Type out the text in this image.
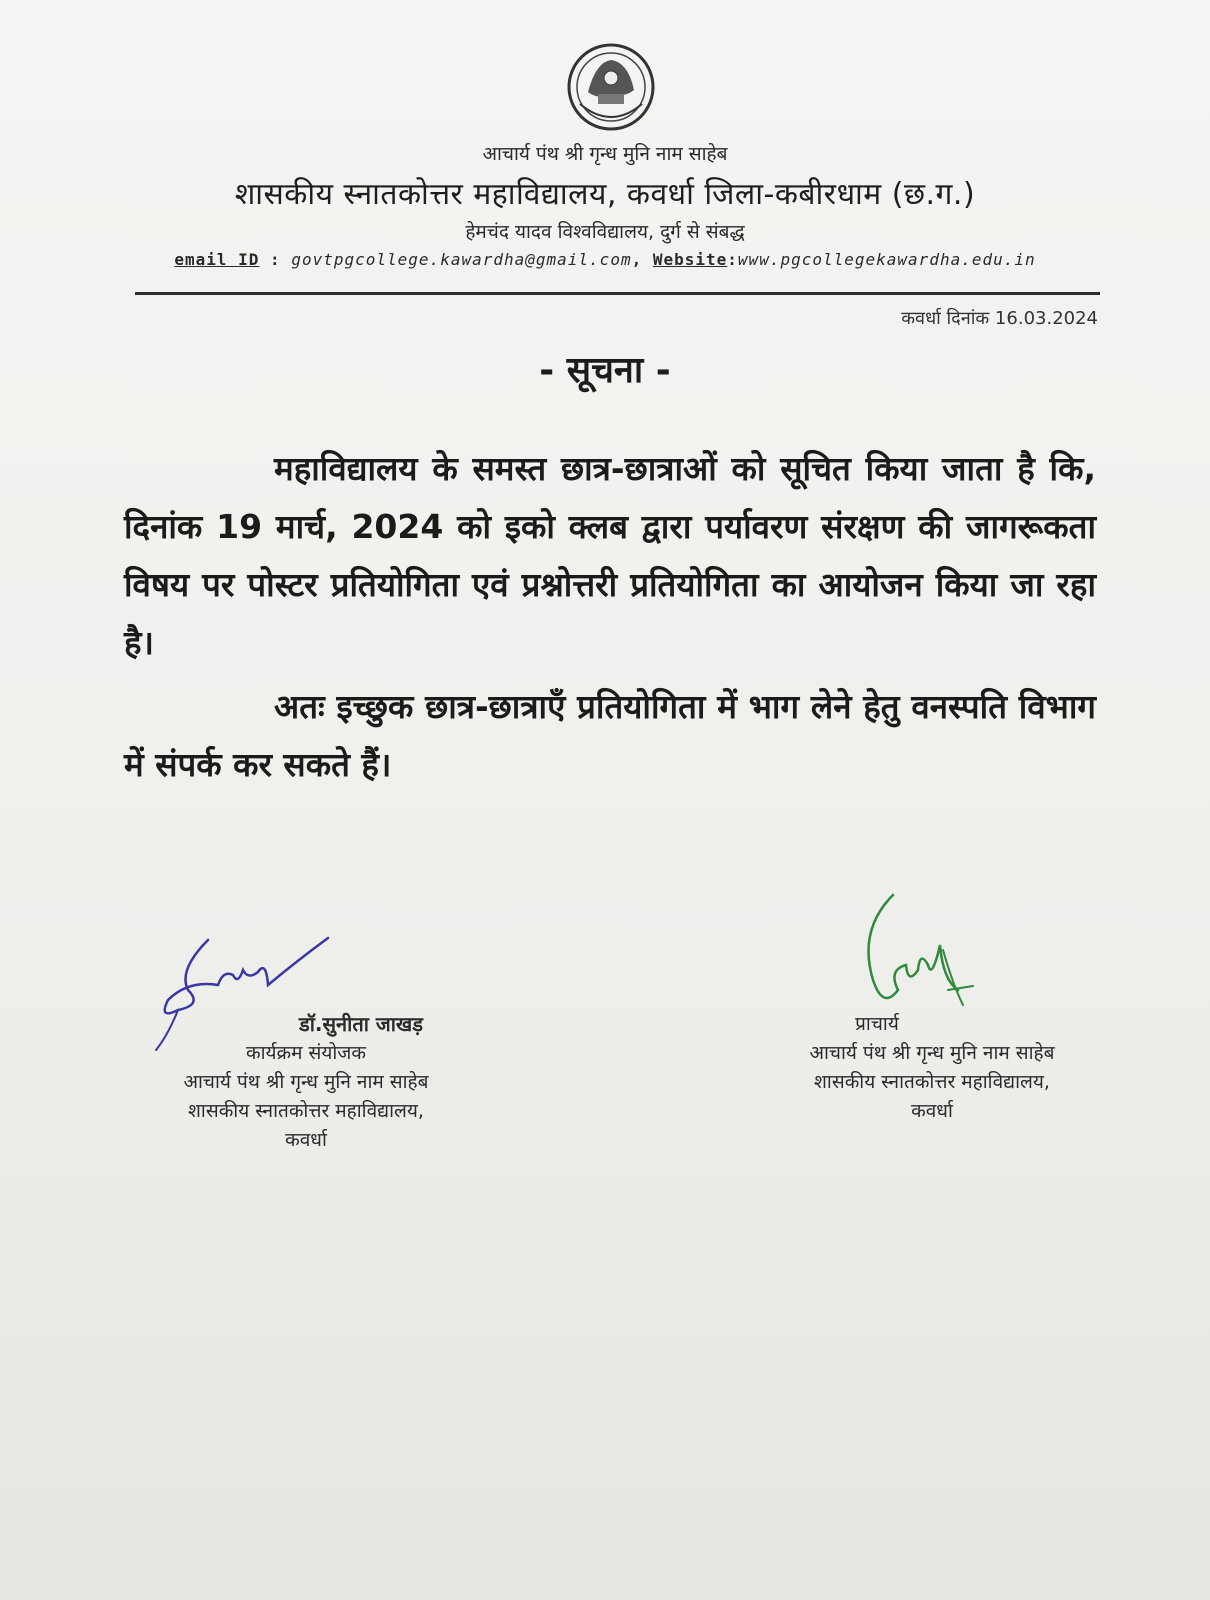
आचार्य पंथ श्री गृन्ध मुनि नाम साहेब
शासकीय स्नातकोत्तर महाविद्यालय, कवर्धा जिला-कबीरधाम (छ.ग.)
हेमचंद यादव विश्वविद्यालय, दुर्ग से संबद्ध
email ID : govtpgcollege.kawardha@gmail.com, Website:www.pgcollegekawardha.edu.in
कवर्धा दिनांक 16.03.2024
- सूचना -

महाविद्यालय के समस्त छात्र-छात्राओं को सूचित किया जाता है कि, दिनांक 19 मार्च, 2024 को इको क्लब द्वारा पर्यावरण संरक्षण की जागरूकता विषय पर पोस्टर प्रतियोगिता एवं प्रश्नोत्तरी प्रतियोगिता का आयोजन किया जा रहा है।

अतः इच्छुक छात्र-छात्राएँ प्रतियोगिता में भाग लेने हेतु वनस्पति विभाग में संपर्क कर सकते हैं।

डॉ.सुनीता जाखड़
कार्यक्रम संयोजक
आचार्य पंथ श्री गृन्ध मुनि नाम साहेब
शासकीय स्नातकोत्तर महाविद्यालय,
कवर्धा
प्राचार्य
आचार्य पंथ श्री गृन्ध मुनि नाम साहेब
शासकीय स्नातकोत्तर महाविद्यालय,
कवर्धा
